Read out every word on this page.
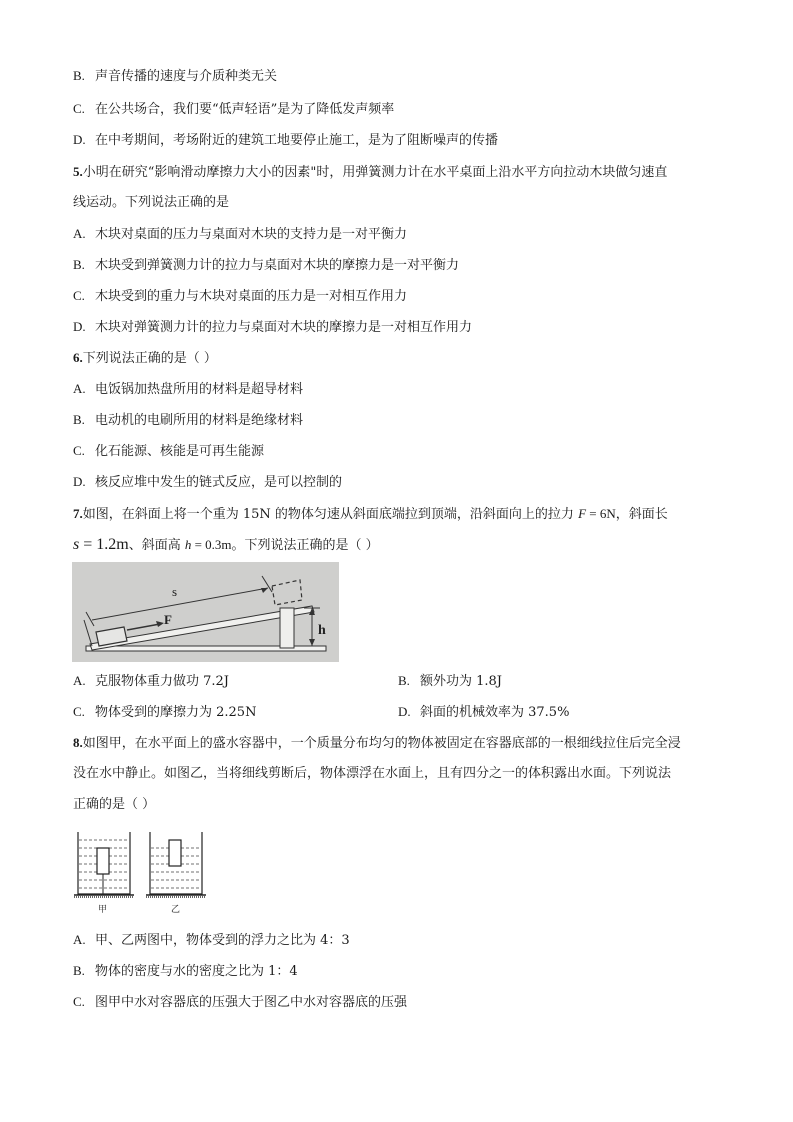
B. 声音传播的速度与介质种类无关
C. 在公共场合，我们要“低声轻语”是为了降低发声频率
D. 在中考期间，考场附近的建筑工地要停止施工，是为了阻断噪声的传播
5.小明在研究“影响滑动摩擦力大小的因素"时，用弹簧测力计在水平桌面上沿水平方向拉动木块做匀速直
线运动。下列说法正确的是
A. 木块对桌面的压力与桌面对木块的支持力是一对平衡力
B. 木块受到弹簧测力计的拉力与桌面对木块的摩擦力是一对平衡力
C. 木块受到的重力与木块对桌面的压力是一对相互作用力
D. 木块对弹簧测力计的拉力与桌面对木块的摩擦力是一对相互作用力
6.下列说法正确的是（ ）
A. 电饭锅加热盘所用的材料是超导材料
B. 电动机的电刷所用的材料是绝缘材料
C. 化石能源、核能是可再生能源
D. 核反应堆中发生的链式反应，是可以控制的
7.如图，在斜面上将一个重为 15N 的物体匀速从斜面底端拉到顶端，沿斜面向上的拉力 F = 6N，斜面长
s = 1.2m、斜面高 h = 0.3m。下列说法正确的是（ ）
s
F
h
A. 克服物体重力做功 7.2J	B. 额外功为 1.8J
C. 物体受到的摩擦力为 2.25N	D. 斜面的机械效率为 37.5%
8.如图甲，在水平面上的盛水容器中，一个质量分布均匀的物体被固定在容器底部的一根细线拉住后完全浸
没在水中静止。如图乙，当将细线剪断后，物体漂浮在水面上，且有四分之一的体积露出水面。下列说法
正确的是（ ）
甲	乙
A. 甲、乙两图中，物体受到的浮力之比为 4：3
B. 物体的密度与水的密度之比为 1：4
C. 图甲中水对容器底的压强大于图乙中水对容器底的压强
